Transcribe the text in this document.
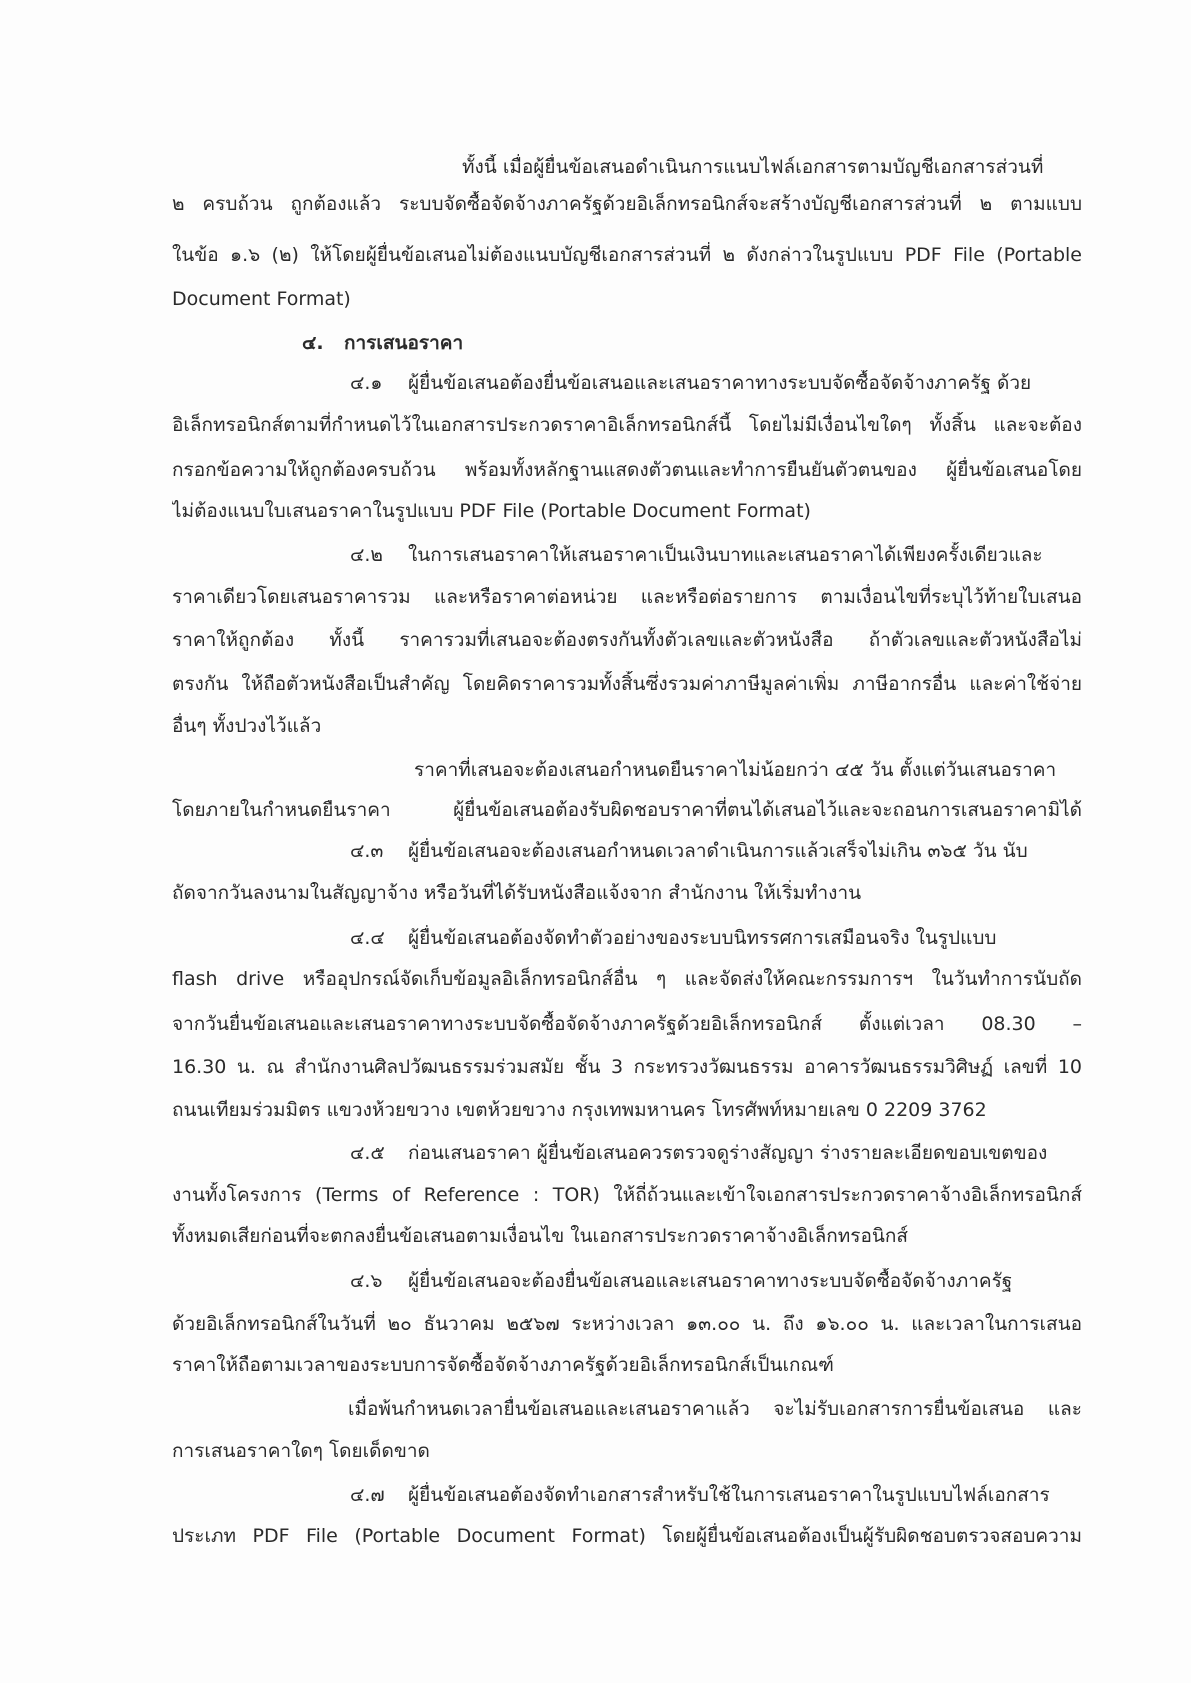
ทั้งนี้ เมื่อผู้ยื่นข้อเสนอดำเนินการแนบไฟล์เอกสารตามบัญชีเอกสารส่วนที่
๒ ครบถ้วน ถูกต้องแล้ว ระบบจัดซื้อจัดจ้างภาครัฐด้วยอิเล็กทรอนิกส์จะสร้างบัญชีเอกสารส่วนที่ ๒ ตามแบบ
ในข้อ ๑.๖ (๒) ให้โดยผู้ยื่นข้อเสนอไม่ต้องแนบบัญชีเอกสารส่วนที่ ๒ ดังกล่าวในรูปแบบ PDF File (Portable
Document Format)
๔. การเสนอราคา
๔.๑ ผู้ยื่นข้อเสนอต้องยื่นข้อเสนอและเสนอราคาทางระบบจัดซื้อจัดจ้างภาครัฐ ด้วย
อิเล็กทรอนิกส์ตามที่กำหนดไว้ในเอกสารประกวดราคาอิเล็กทรอนิกส์นี้ โดยไม่มีเงื่อนไขใดๆ ทั้งสิ้น และจะต้อง
กรอกข้อความให้ถูกต้องครบถ้วน พร้อมทั้งหลักฐานแสดงตัวตนและทำการยืนยันตัวตนของ ผู้ยื่นข้อเสนอโดย
ไม่ต้องแนบใบเสนอราคาในรูปแบบ PDF File (Portable Document Format)
๔.๒ ในการเสนอราคาให้เสนอราคาเป็นเงินบาทและเสนอราคาได้เพียงครั้งเดียวและ
ราคาเดียวโดยเสนอราคารวม และหรือราคาต่อหน่วย และหรือต่อรายการ ตามเงื่อนไขที่ระบุไว้ท้ายใบเสนอ
ราคาให้ถูกต้อง ทั้งนี้ ราคารวมที่เสนอจะต้องตรงกันทั้งตัวเลขและตัวหนังสือ ถ้าตัวเลขและตัวหนังสือไม่
ตรงกัน ให้ถือตัวหนังสือเป็นสำคัญ โดยคิดราคารวมทั้งสิ้นซึ่งรวมค่าภาษีมูลค่าเพิ่ม ภาษีอากรอื่น และค่าใช้จ่าย
อื่นๆ ทั้งปวงไว้แล้ว
ราคาที่เสนอจะต้องเสนอกำหนดยืนราคาไม่น้อยกว่า ๔๕ วัน ตั้งแต่วันเสนอราคา
โดยภายในกำหนดยืนราคา ผู้ยื่นข้อเสนอต้องรับผิดชอบราคาที่ตนได้เสนอไว้และจะถอนการเสนอราคามิได้
๔.๓ ผู้ยื่นข้อเสนอจะต้องเสนอกำหนดเวลาดำเนินการแล้วเสร็จไม่เกิน ๓๖๕ วัน นับ
ถัดจากวันลงนามในสัญญาจ้าง หรือวันที่ได้รับหนังสือแจ้งจาก สำนักงาน ให้เริ่มทำงาน
๔.๔ ผู้ยื่นข้อเสนอต้องจัดทำตัวอย่างของระบบนิทรรศการเสมือนจริง ในรูปแบบ
flash drive หรืออุปกรณ์จัดเก็บข้อมูลอิเล็กทรอนิกส์อื่น ๆ และจัดส่งให้คณะกรรมการฯ ในวันทำการนับถัด
จากวันยื่นข้อเสนอและเสนอราคาทางระบบจัดซื้อจัดจ้างภาครัฐด้วยอิเล็กทรอนิกส์ ตั้งแต่เวลา 08.30 –
16.30 น. ณ สำนักงานศิลปวัฒนธรรมร่วมสมัย ชั้น 3 กระทรวงวัฒนธรรม อาคารวัฒนธรรมวิศิษฏ์ เลขที่ 10
ถนนเทียมร่วมมิตร แขวงห้วยขวาง เขตห้วยขวาง กรุงเทพมหานคร โทรศัพท์หมายเลข 0 2209 3762
๔.๕ ก่อนเสนอราคา ผู้ยื่นข้อเสนอควรตรวจดูร่างสัญญา ร่างรายละเอียดขอบเขตของ
งานทั้งโครงการ (Terms of Reference : TOR) ให้ถี่ถ้วนและเข้าใจเอกสารประกวดราคาจ้างอิเล็กทรอนิกส์
ทั้งหมดเสียก่อนที่จะตกลงยื่นข้อเสนอตามเงื่อนไข ในเอกสารประกวดราคาจ้างอิเล็กทรอนิกส์
๔.๖ ผู้ยื่นข้อเสนอจะต้องยื่นข้อเสนอและเสนอราคาทางระบบจัดซื้อจัดจ้างภาครัฐ
ด้วยอิเล็กทรอนิกส์ในวันที่ ๒๐ ธันวาคม ๒๕๖๗ ระหว่างเวลา ๑๓.๐๐ น. ถึง ๑๖.๐๐ น. และเวลาในการเสนอ
ราคาให้ถือตามเวลาของระบบการจัดซื้อจัดจ้างภาครัฐด้วยอิเล็กทรอนิกส์เป็นเกณฑ์
เมื่อพ้นกำหนดเวลายื่นข้อเสนอและเสนอราคาแล้ว จะไม่รับเอกสารการยื่นข้อเสนอ และ
การเสนอราคาใดๆ โดยเด็ดขาด
๔.๗ ผู้ยื่นข้อเสนอต้องจัดทำเอกสารสำหรับใช้ในการเสนอราคาในรูปแบบไฟล์เอกสาร
ประเภท PDF File (Portable Document Format) โดยผู้ยื่นข้อเสนอต้องเป็นผู้รับผิดชอบตรวจสอบความ
